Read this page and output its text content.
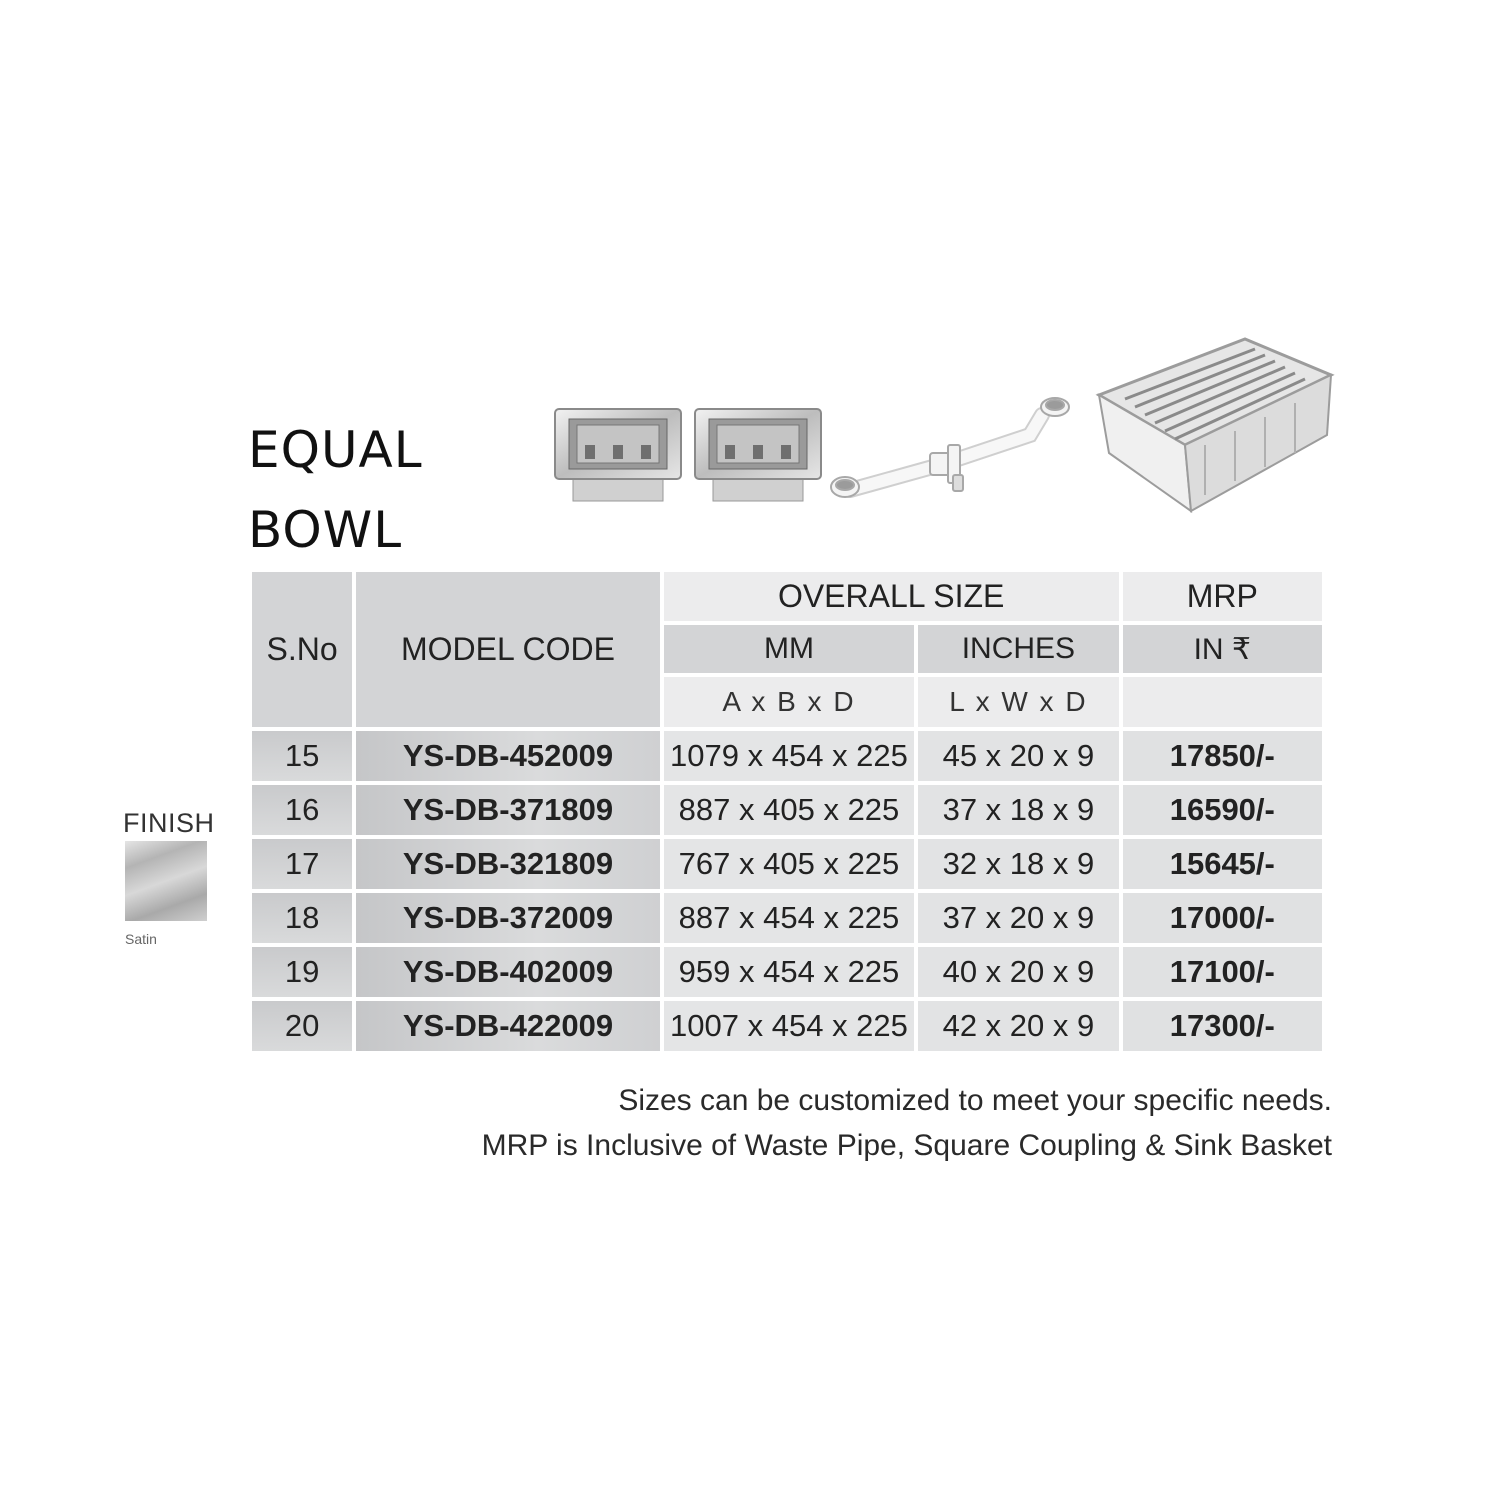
EQUAL
BOWL
S.No	MODEL CODE	OVERALL SIZE		MRP
		MM	INCHES	IN ₹
		A x B x D	L x W x D	
15	YS-DB-452009	1079 x 454 x 225	45 x 20 x 9	17850/-
16	YS-DB-371809	887 x 405 x 225	37 x 18 x 9	16590/-
17	YS-DB-321809	767 x 405 x 225	32 x 18 x 9	15645/-
18	YS-DB-372009	887 x 454 x 225	37 x 20 x 9	17000/-
19	YS-DB-402009	959 x 454 x 225	40 x 20 x 9	17100/-
20	YS-DB-422009	1007 x 454 x 225	42 x 20 x 9	17300/-
FINISH
Satin
Sizes can be customized to meet your specific needs.
MRP is Inclusive of Waste Pipe, Square Coupling & Sink Basket
